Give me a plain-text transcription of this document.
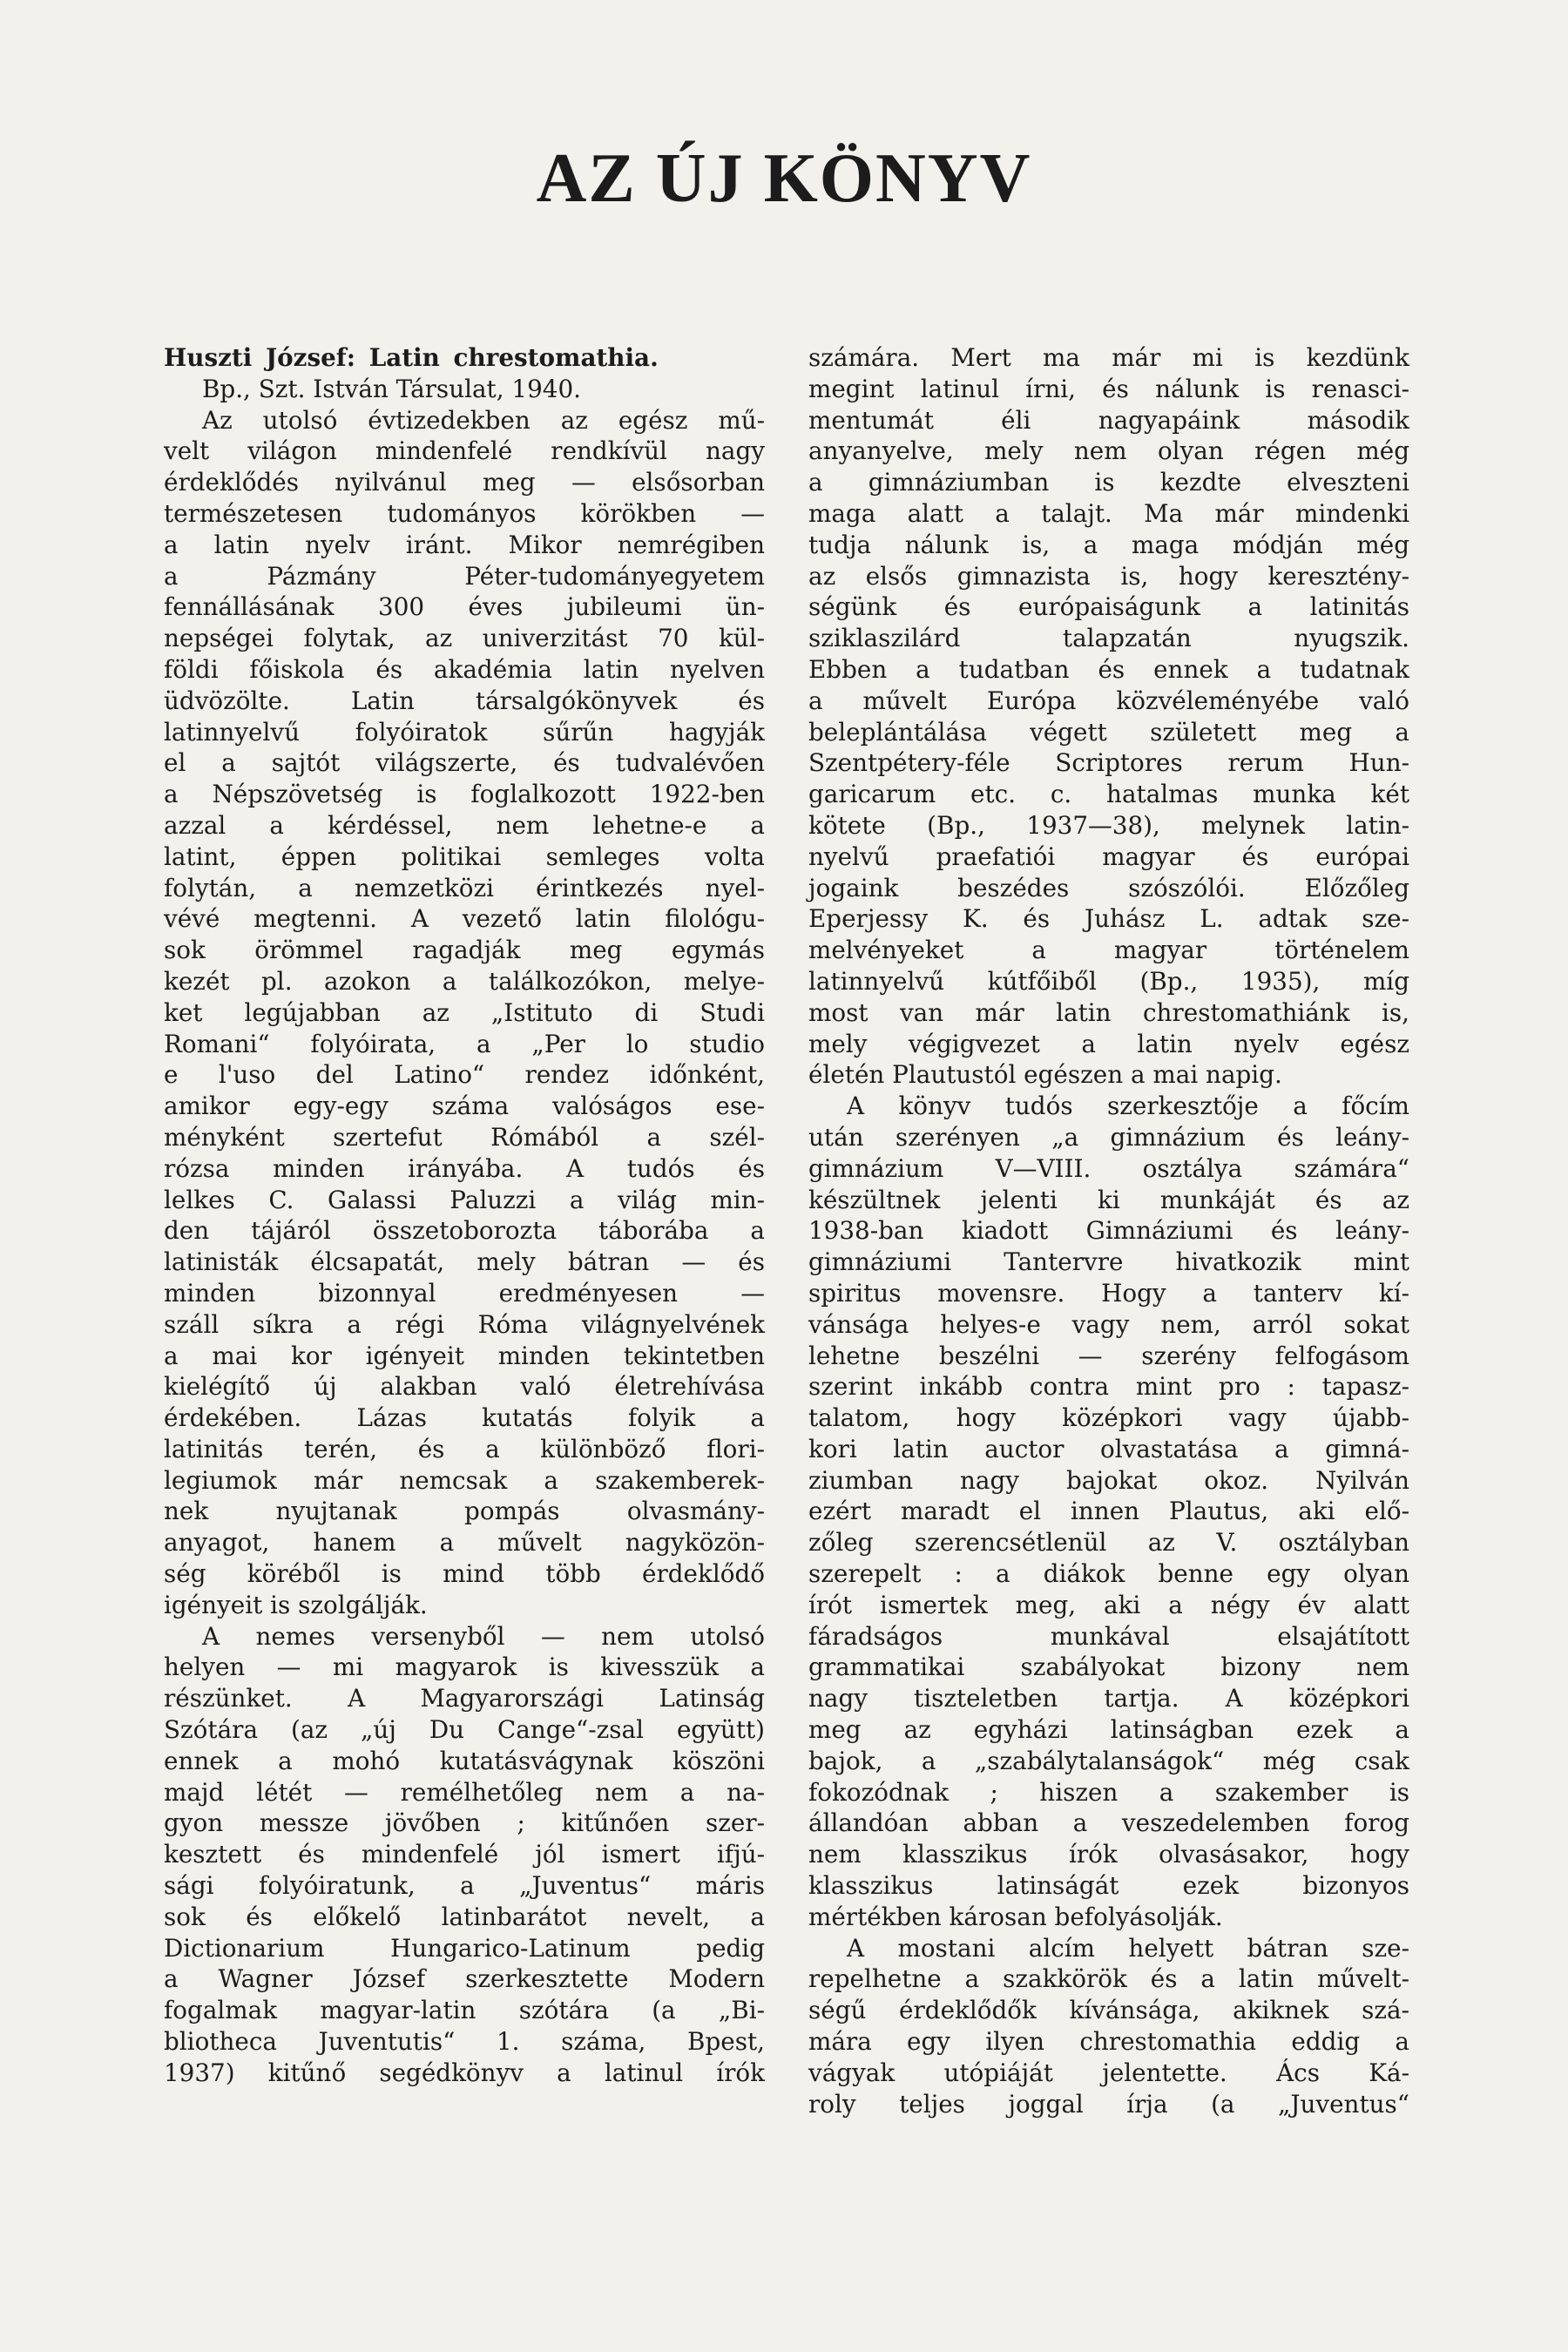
AZ ÚJ KÖNYV
Huszti József: Latin chrestomathia.
Bp., Szt. István Társulat, 1940.
Az utolsó évtizedekben az egész mű-
velt világon mindenfelé rendkívül nagy
érdeklődés nyilvánul meg — elsősorban
természetesen tudományos körökben —
a latin nyelv iránt. Mikor nemrégiben
a Pázmány Péter-tudományegyetem
fennállásának 300 éves jubileumi ün-
nepségei folytak, az univerzitást 70 kül-
földi főiskola és akadémia latin nyelven
üdvözölte. Latin társalgókönyvek és
latinnyelvű folyóiratok sűrűn hagyják
el a sajtót világszerte, és tudvalévően
a Népszövetség is foglalkozott 1922-ben
azzal a kérdéssel, nem lehetne-e a
latint, éppen politikai semleges volta
folytán, a nemzetközi érintkezés nyel-
vévé megtenni. A vezető latin filológu-
sok örömmel ragadják meg egymás
kezét pl. azokon a találkozókon, melye-
ket legújabban az „Istituto di Studi
Romani“ folyóirata, a „Per lo studio
e l'uso del Latino“ rendez időnként,
amikor egy-egy száma valóságos ese-
ményként szertefut Rómából a szél-
rózsa minden irányába. A tudós és
lelkes C. Galassi Paluzzi a világ min-
den tájáról összetoborozta táborába a
latinisták élcsapatát, mely bátran — és
minden bizonnyal eredményesen —
száll síkra a régi Róma világnyelvének
a mai kor igényeit minden tekintetben
kielégítő új alakban való életrehívása
érdekében. Lázas kutatás folyik a
latinitás terén, és a különböző flori-
legiumok már nemcsak a szakemberek-
nek nyujtanak pompás olvasmány-
anyagot, hanem a művelt nagyközön-
ség köréből is mind több érdeklődő
igényeit is szolgálják.
A nemes versenyből — nem utolsó
helyen — mi magyarok is kivesszük a
részünket. A Magyarországi Latinság
Szótára (az „új Du Cange“-zsal együtt)
ennek a mohó kutatásvágynak köszöni
majd létét — remélhetőleg nem a na-
gyon messze jövőben ; kitűnően szer-
kesztett és mindenfelé jól ismert ifjú-
sági folyóiratunk, a „Juventus“ máris
sok és előkelő latinbarátot nevelt, a
Dictionarium Hungarico-Latinum pedig
a Wagner József szerkesztette Modern
fogalmak magyar-latin szótára (a „Bi-
bliotheca Juventutis“ 1. száma, Bpest,
1937) kitűnő segédkönyv a latinul írók
számára. Mert ma már mi is kezdünk
megint latinul írni, és nálunk is renasci-
mentumát éli nagyapáink második
anyanyelve, mely nem olyan régen még
a gimnáziumban is kezdte elveszteni
maga alatt a talajt. Ma már mindenki
tudja nálunk is, a maga módján még
az elsős gimnazista is, hogy keresztény-
ségünk és európaiságunk a latinitás
sziklaszilárd talapzatán nyugszik.
Ebben a tudatban és ennek a tudatnak
a művelt Európa közvéleményébe való
beleplántálása végett született meg a
Szentpétery-féle Scriptores rerum Hun-
garicarum etc. c. hatalmas munka két
kötete (Bp., 1937—38), melynek latin-
nyelvű praefatiói magyar és európai
jogaink beszédes szószólói. Előzőleg
Eperjessy K. és Juhász L. adtak sze-
melvényeket a magyar történelem
latinnyelvű kútfőiből (Bp., 1935), míg
most van már latin chrestomathiánk is,
mely végigvezet a latin nyelv egész
életén Plautustól egészen a mai napig.
A könyv tudós szerkesztője a főcím
után szerényen „a gimnázium és leány-
gimnázium V—VIII. osztálya számára“
készültnek jelenti ki munkáját és az
1938-ban kiadott Gimnáziumi és leány-
gimnáziumi Tantervre hivatkozik mint
spiritus movensre. Hogy a tanterv kí-
vánsága helyes-e vagy nem, arról sokat
lehetne beszélni — szerény felfogásom
szerint inkább contra mint pro : tapasz-
talatom, hogy középkori vagy újabb-
kori latin auctor olvastatása a gimná-
ziumban nagy bajokat okoz. Nyilván
ezért maradt el innen Plautus, aki elő-
zőleg szerencsétlenül az V. osztályban
szerepelt : a diákok benne egy olyan
írót ismertek meg, aki a négy év alatt
fáradságos munkával elsajátított
grammatikai szabályokat bizony nem
nagy tiszteletben tartja. A középkori
meg az egyházi latinságban ezek a
bajok, a „szabálytalanságok“ még csak
fokozódnak ; hiszen a szakember is
állandóan abban a veszedelemben forog
nem klasszikus írók olvasásakor, hogy
klasszikus latinságát ezek bizonyos
mértékben károsan befolyásolják.
A mostani alcím helyett bátran sze-
repelhetne a szakkörök és a latin művelt-
ségű érdeklődők kívánsága, akiknek szá-
mára egy ilyen chrestomathia eddig a
vágyak utópiáját jelentette. Ács Ká-
roly teljes joggal írja (a „Juventus“
